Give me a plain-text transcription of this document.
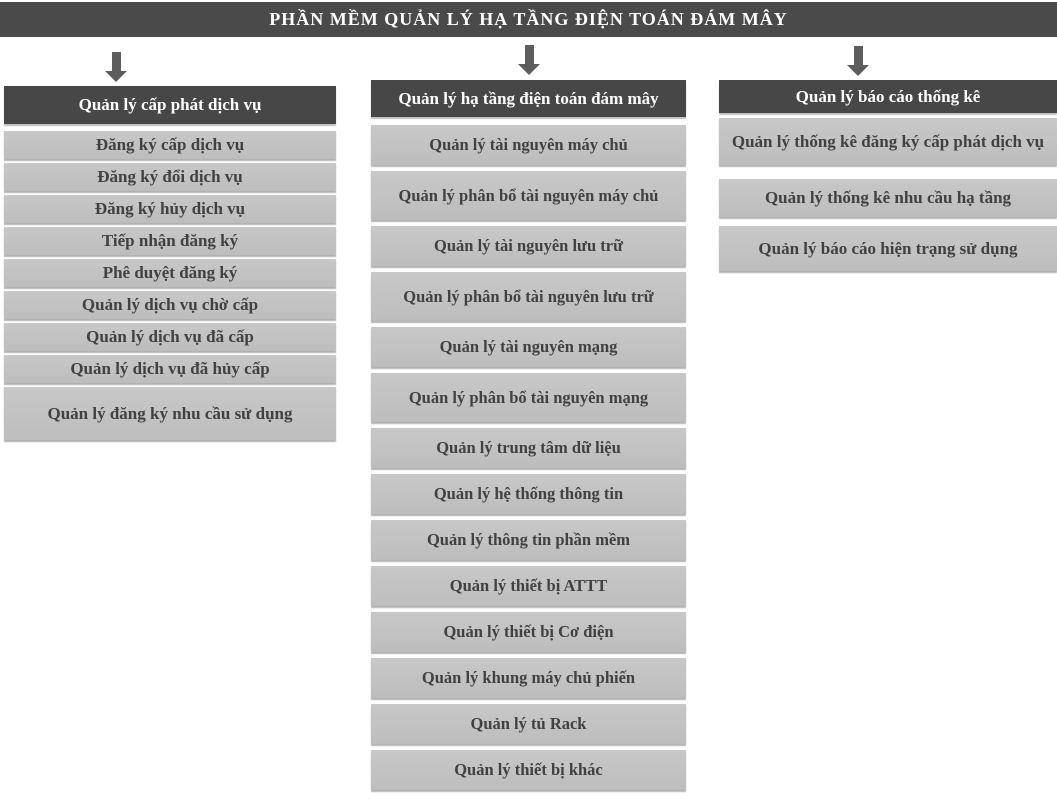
PHẦN MỀM QUẢN LÝ HẠ TẦNG ĐIỆN TOÁN ĐÁM MÂY
Quản lý cấp phát dịch vụ
Đăng ký cấp dịch vụ
Đăng ký đổi dịch vụ
Đăng ký hủy dịch vụ
Tiếp nhận đăng ký
Phê duyệt đăng ký
Quản lý dịch vụ chờ cấp
Quản lý dịch vụ đã cấp
Quản lý dịch vụ đã hủy cấp
Quản lý đăng ký nhu cầu sử dụng
Quản lý hạ tầng điện toán đám mây
Quản lý tài nguyên máy chủ
Quản lý phân bổ tài nguyên máy chủ
Quản lý tài nguyên lưu trữ
Quản lý phân bổ tài nguyên lưu trữ
Quản lý tài nguyên mạng
Quản lý phân bổ tài nguyên mạng
Quản lý trung tâm dữ liệu
Quản lý hệ thống thông tin
Quản lý thông tin phần mềm
Quản lý thiết bị ATTT
Quản lý thiết bị Cơ điện
Quản lý khung máy chủ phiến
Quản lý tủ Rack
Quản lý thiết bị khác
Quản lý báo cáo thống kê
Quản lý thống kê đăng ký cấp phát dịch vụ
Quản lý thống kê nhu cầu hạ tầng
Quản lý báo cáo hiện trạng sử dụng
